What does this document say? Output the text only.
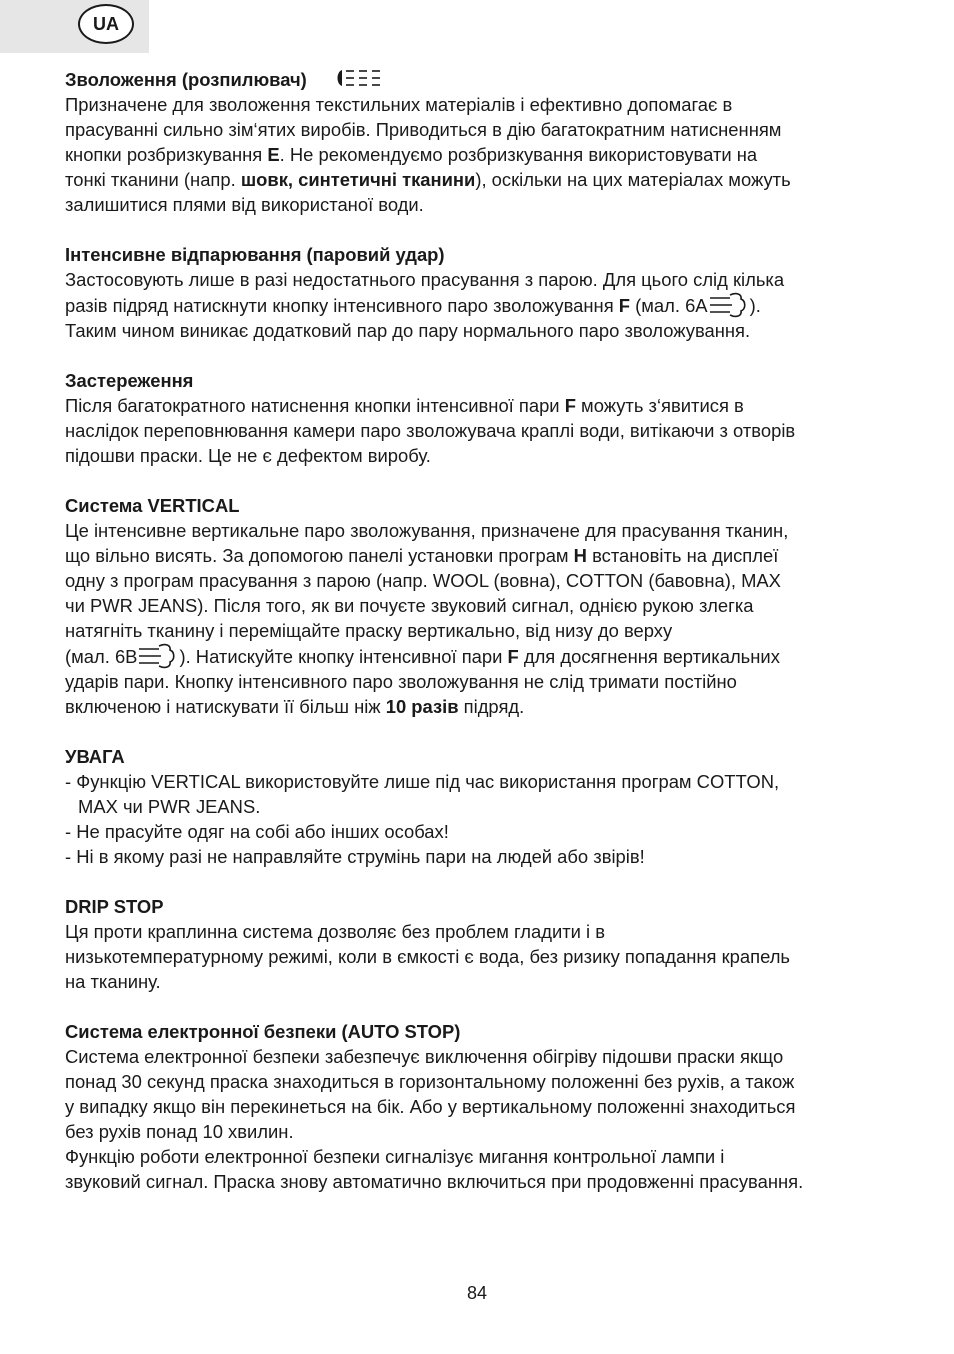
UA
Зволоження (розпилювач)
Призначене для зволоження текстильних матеріалів і ефективно допомагає в
прасуванні сильно зім‘ятих виробів. Приводиться в дію багатократним натисненням
кнопки розбризкування E. Не рекомендуємо розбризкування використовувати на
тонкі тканини (напр. шовк, синтетичні тканини), оскільки на цих матеріалах можуть
залишитися плями від використаної води.
Інтенсивне відпарювання (паровий удар)
Застосовують лише в разі недостатнього прасування з парою. Для цього слід кілька
разів підряд натискнути кнопку інтенсивного паро зволожування F (мал. 6A ).
Таким чином виникає додатковий пар до пару нормального паро зволожування.
Застереження
Після багатократного натиснення кнопки інтенсивної пари F можуть з‘явитися в
наслідок переповнювання камери паро зволожувача краплі води, витікаючи з отворів
підошви праски. Це не є дефектом виробу.
Система VERTICAL
Це інтенсивне вертикальне паро зволожування, призначене для прасування тканин,
що вільно висять. За допомогою панелі установки програм H встановіть на дисплеї
одну з програм прасування з парою (напр. WOOL (вовна), COTTON (бавовна), MAX
чи PWR JEANS). Після того, як ви почуєте звуковий сигнал, однією рукою злегка
натягніть тканину і переміщайте праску вертикально, від низу до верху
(мал. 6B ). Натискуйте кнопку інтенсивної пари F для досягнення вертикальних
ударів пари. Кнопку інтенсивного паро зволожування не слід тримати постійно
включеною і натискувати її більш ніж 10 разів підряд.
УВАГА
- Функцію VERTICAL використовуйте лише під час використання програм COTTON,
MAX чи PWR JEANS.
- Не прасуйте одяг на собі або інших особах!
- Ні в якому разі не направляйте струмінь пари на людей або звірів!
DRIP STOP
Ця проти краплинна система дозволяє без проблем гладити і в
низькотемпературному режимі, коли в ємкості є вода, без ризику попадання крапель
на тканину.
Система електронної безпеки (AUTO STOP)
Система електронної безпеки забезпечує виключення обігріву підошви праски якщо
понад 30 секунд праска знаходиться в горизонтальному положенні без рухів, а також
у випадку якщо він перекинеться на бік. Або у вертикальному положенні знаходиться
без рухів понад 10 хвилин.
Функцію роботи електронної безпеки сигналізує мигання контрольної лампи і
звуковий сигнал. Праска знову автоматично включиться при продовженні прасування.
84
